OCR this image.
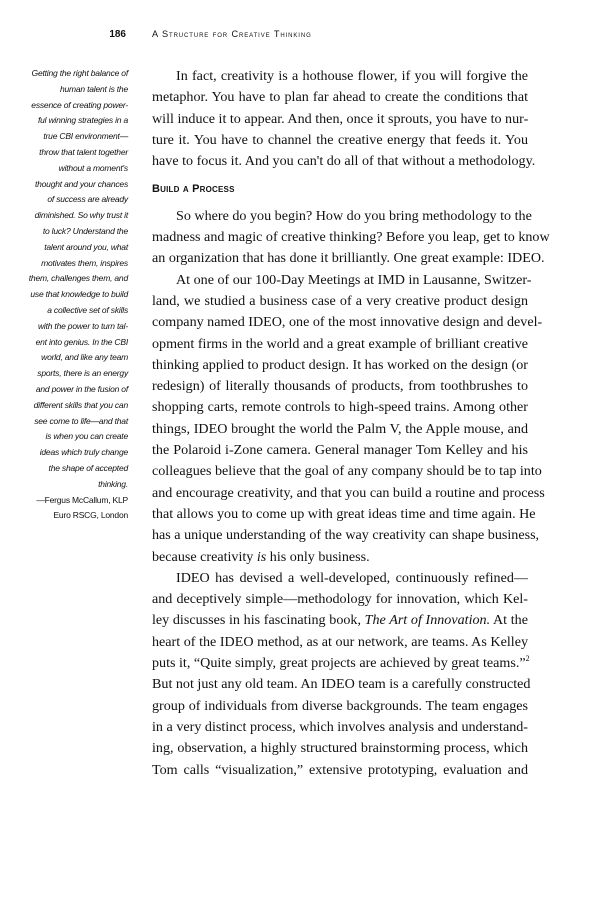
186	A Structure for Creative Thinking
Getting the right balance of
human talent is the
essence of creating power-
ful winning strategies in a
true CBI environment—
throw that talent together
without a moment's
thought and your chances
of success are already
diminished. So why trust it
to luck? Understand the
talent around you, what
motivates them, inspires
them, challenges them, and
use that knowledge to build
a collective set of skills
with the power to turn tal-
ent into genius. In the CBI
world, and like any team
sports, there is an energy
and power in the fusion of
different skills that you can
see come to life—and that
is when you can create
ideas which truly change
the shape of accepted
thinking.
—Fergus McCallum, KLP
Euro RSCG, London
In fact, creativity is a hothouse flower, if you will forgive the
metaphor. You have to plan far ahead to create the conditions that
will induce it to appear. And then, once it sprouts, you have to nur-
ture it. You have to channel the creative energy that feeds it. You
have to focus it. And you can't do all of that without a methodology.
Build a Process
So where do you begin? How do you bring methodology to the
madness and magic of creative thinking? Before you leap, get to know
an organization that has done it brilliantly. One great example: IDEO.
At one of our 100-Day Meetings at IMD in Lausanne, Switzer-
land, we studied a business case of a very creative product design
company named IDEO, one of the most innovative design and devel-
opment firms in the world and a great example of brilliant creative
thinking applied to product design. It has worked on the design (or
redesign) of literally thousands of products, from toothbrushes to
shopping carts, remote controls to high-speed trains. Among other
things, IDEO brought the world the Palm V, the Apple mouse, and
the Polaroid i-Zone camera. General manager Tom Kelley and his
colleagues believe that the goal of any company should be to tap into
and encourage creativity, and that you can build a routine and process
that allows you to come up with great ideas time and time again. He
has a unique understanding of the way creativity can shape business,
because creativity is his only business.
IDEO has devised a well-developed, continuously refined—
and deceptively simple—methodology for innovation, which Kel-
ley discusses in his fascinating book, The Art of Innovation. At the
heart of the IDEO method, as at our network, are teams. As Kelley
puts it, “Quite simply, great projects are achieved by great teams.”$^2$
But not just any old team. An IDEO team is a carefully constructed
group of individuals from diverse backgrounds. The team engages
in a very distinct process, which involves analysis and understand-
ing, observation, a highly structured brainstorming process, which
Tom calls “visualization,” extensive prototyping, evaluation and
